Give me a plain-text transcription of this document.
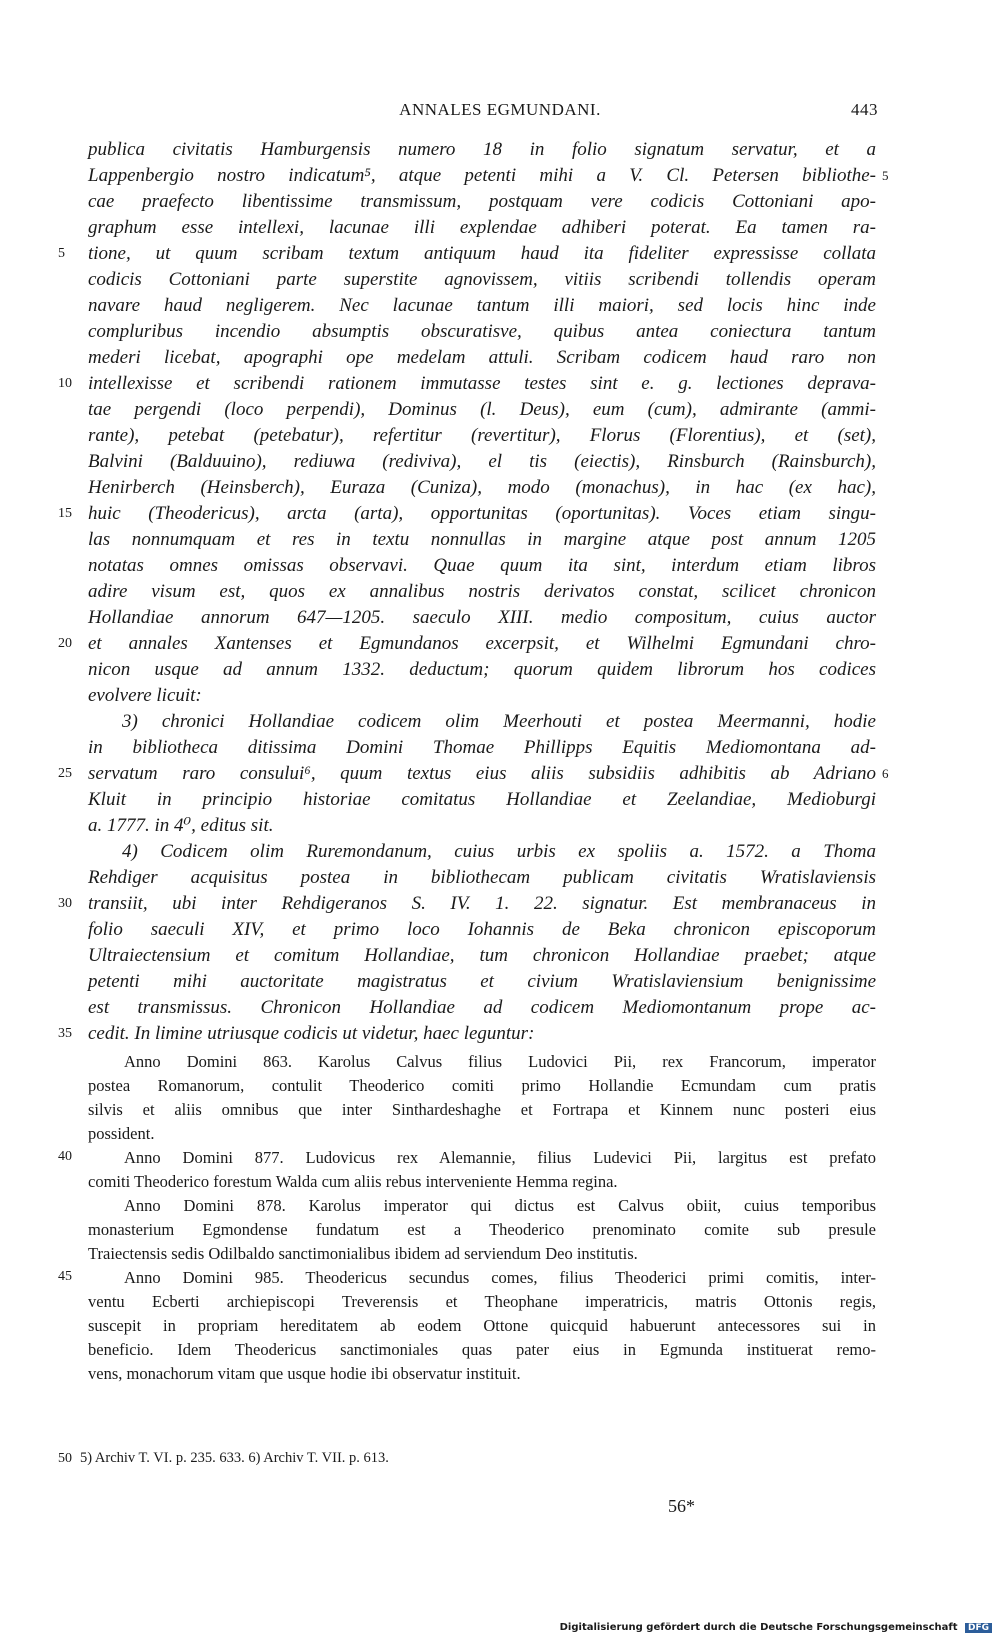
ANNALES EGMUNDANI.	443
publica civitatis Hamburgensis numero 18 in folio signatum servatur, et a
Lappenbergio nostro indicatum⁵, atque petenti mihi a V. Cl. Petersen bibliothe-
cae praefecto libentissime transmissum, postquam vere codicis Cottoniani apo-
graphum esse intellexi, lacunae illi explendae adhiberi poterat. Ea tamen ra-
tione, ut quum scribam textum antiquum haud ita fideliter expressisse collata
codicis Cottoniani parte superstite agnovissem, vitiis scribendi tollendis operam
navare haud negligerem. Nec lacunae tantum illi maiori, sed locis hinc inde
compluribus incendio absumptis obscuratisve, quibus antea coniectura tantum
mederi licebat, apographi ope medelam attuli. Scribam codicem haud raro non
intellexisse et scribendi rationem immutasse testes sint e. g. lectiones deprava-
tae pergendi (loco perpendi), Dominus (l. Deus), eum (cum), admirante (ammi-
rante), petebat (petebatur), refertitur (revertitur), Florus (Florentius), et (set),
Balvini (Balduuino), rediuwa (rediviva), el tis (eiectis), Rinsburch (Rainsburch),
Henirberch (Heinsberch), Euraza (Cuniza), modo (monachus), in hac (ex hac),
huic (Theodericus), arcta (arta), opportunitas (oportunitas). Voces etiam singu-
las nonnumquam et res in textu nonnullas in margine atque post annum 1205
notatas omnes omissas observavi. Quae quum ita sint, interdum etiam libros
adire visum est, quos ex annalibus nostris derivatos constat, scilicet chronicon
Hollandiae annorum 647—1205. saeculo XIII. medio compositum, cuius auctor
et annales Xantenses et Egmundanos excerpsit, et Wilhelmi Egmundani chro-
nicon usque ad annum 1332. deductum; quorum quidem librorum hos codices
evolvere licuit:
3) chronici Hollandiae codicem olim Meerhouti et postea Meermanni, hodie
in bibliotheca ditissima Domini Thomae Phillipps Equitis Mediomontana ad-
servatum raro consului⁶, quum textus eius aliis subsidiis adhibitis ab Adriano
Kluit in principio historiae comitatus Hollandiae et Zeelandiae, Medioburgi
a. 1777. in 4⁰, editus sit.
4) Codicem olim Ruremondanum, cuius urbis ex spoliis a. 1572. a Thoma
Rehdiger acquisitus postea in bibliothecam publicam civitatis Wratislaviensis
transiit, ubi inter Rehdigeranos S. IV. 1. 22. signatur. Est membranaceus in
folio saeculi XIV, et primo loco Iohannis de Beka chronicon episcoporum
Ultraiectensium et comitum Hollandiae, tum chronicon Hollandiae praebet; atque
petenti mihi auctoritate magistratus et civium Wratislaviensium benignissime
est transmissus. Chronicon Hollandiae ad codicem Mediomontanum prope ac-
cedit. In limine utriusque codicis ut videtur, haec leguntur:
Anno Domini 863. Karolus Calvus filius Ludovici Pii, rex Francorum, imperator
postea Romanorum, contulit Theoderico comiti primo Hollandie Ecmundam cum pratis
silvis et aliis omnibus que inter Sinthardeshaghe et Fortrapa et Kinnem nunc posteri eius
possident.
Anno Domini 877. Ludovicus rex Alemannie, filius Ludevici Pii, largitus est prefato
comiti Theoderico forestum Walda cum aliis rebus interveniente Hemma regina.
Anno Domini 878. Karolus imperator qui dictus est Calvus obiit, cuius temporibus
monasterium Egmondense fundatum est a Theoderico prenominato comite sub presule
Traiectensis sedis Odilbaldo sanctimonialibus ibidem ad serviendum Deo institutis.
Anno Domini 985. Theodericus secundus comes, filius Theoderici primi comitis, inter-
ventu Ecberti archiepiscopi Treverensis et Theophane imperatricis, matris Ottonis regis,
suscepit in propriam hereditatem ab eodem Ottone quicquid habuerunt antecessores sui in
beneficio. Idem Theodericus sanctimoniales quas pater eius in Egmunda instituerat remo-
vens, monachorum vitam que usque hodie ibi observatur instituit.
5
10
15
20
25
30
35
40
45
50
5
6
5) Archiv T. VI. p. 235. 633. 6) Archiv T. VII. p. 613.
56*
Digitalisierung gefördert durch die Deutsche Forschungsgemeinschaft DFG
